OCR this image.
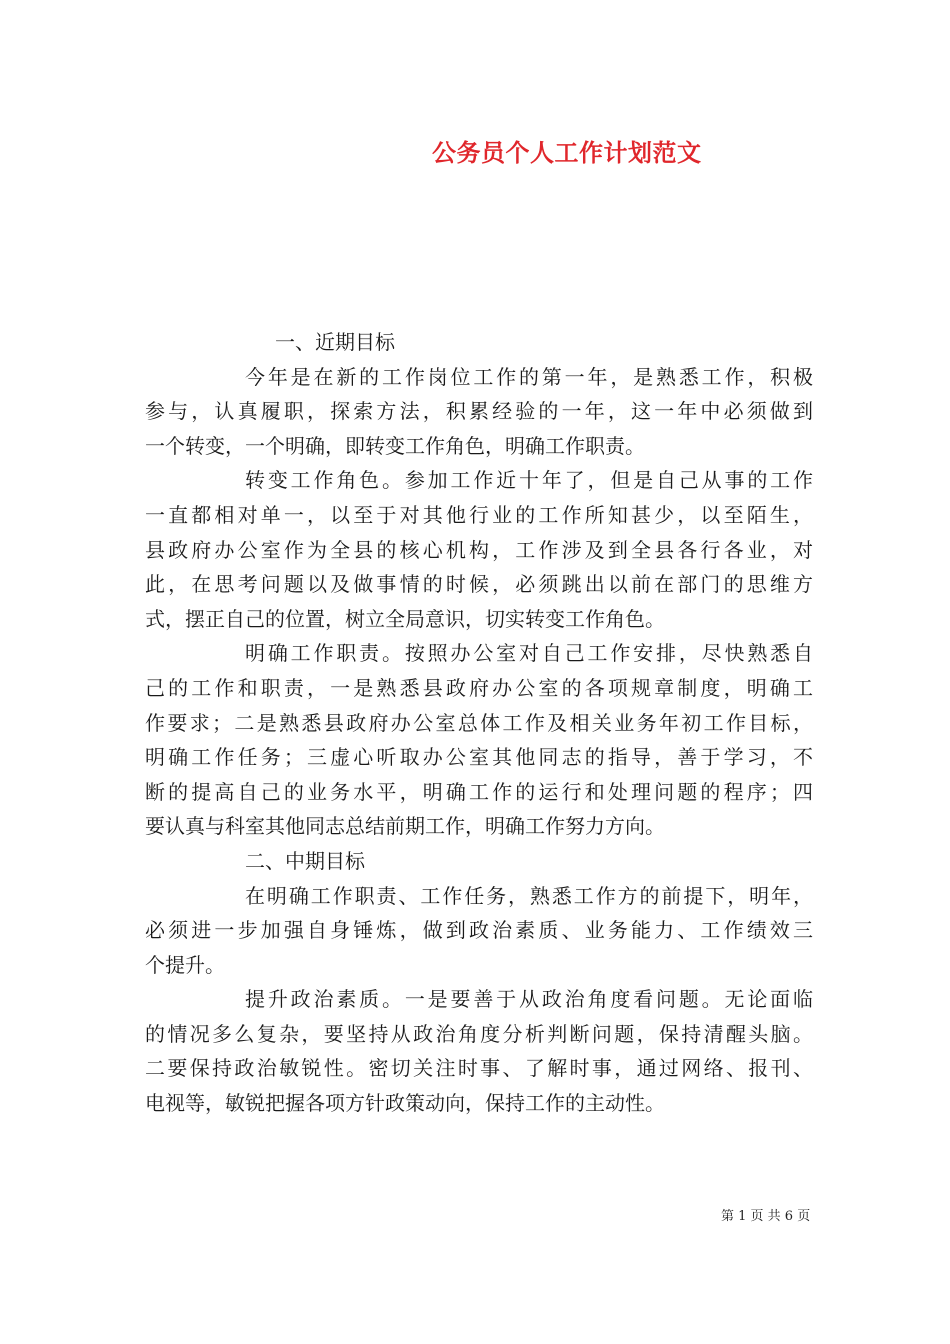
公务员个人工作计划范文
一、近期目标
今年是在新的工作岗位工作的第一年，是熟悉工作，积极
参与，认真履职，探索方法，积累经验的一年，这一年中必须做到
一个转变，一个明确，即转变工作角色，明确工作职责。
转变工作角色。参加工作近十年了，但是自己从事的工作
一直都相对单一，以至于对其他行业的工作所知甚少，以至陌生，
县政府办公室作为全县的核心机构，工作涉及到全县各行各业，对
此，在思考问题以及做事情的时候，必须跳出以前在部门的思维方
式，摆正自己的位置，树立全局意识，切实转变工作角色。
明确工作职责。按照办公室对自己工作安排，尽快熟悉自
己的工作和职责，一是熟悉县政府办公室的各项规章制度，明确工
作要求；二是熟悉县政府办公室总体工作及相关业务年初工作目标，
明确工作任务；三虚心听取办公室其他同志的指导，善于学习，不
断的提高自己的业务水平，明确工作的运行和处理问题的程序；四
要认真与科室其他同志总结前期工作，明确工作努力方向。
二、中期目标
在明确工作职责、工作任务，熟悉工作方的前提下，明年，
必须进一步加强自身锤炼，做到政治素质、业务能力、工作绩效三
个提升。
提升政治素质。一是要善于从政治角度看问题。无论面临
的情况多么复杂，要坚持从政治角度分析判断问题，保持清醒头脑。
二要保持政治敏锐性。密切关注时事、了解时事，通过网络、报刊、
电视等，敏锐把握各项方针政策动向，保持工作的主动性。
第 1 页 共 6 页
